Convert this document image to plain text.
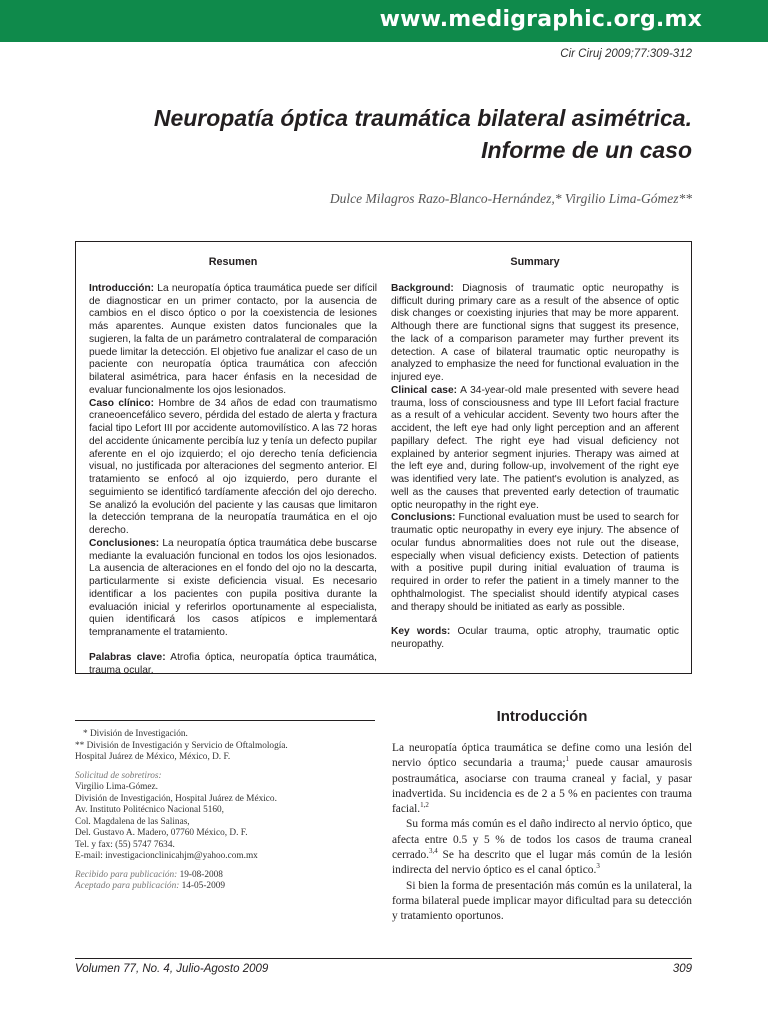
www.medigraphic.org.mx
Cir Ciruj 2009;77:309-312
Neuropatía óptica traumática bilateral asimétrica.
Informe de un caso
Dulce Milagros Razo-Blanco-Hernández,* Virgilio Lima-Gómez**
Resumen

Introducción: La neuropatía óptica traumática puede ser difícil de diagnosticar en un primer contacto, por la ausencia de cambios en el disco óptico o por la coexistencia de lesiones más aparentes. Aunque existen datos funcionales que la sugieren, la falta de un parámetro contralateral de comparación puede limitar la detección. El objetivo fue analizar el caso de un paciente con neuropatía óptica traumática con afección bilateral asimétrica, para hacer énfasis en la necesidad de evaluar funcionalmente los ojos lesionados.

Caso clínico: Hombre de 34 años de edad con traumatismo craneoencefálico severo, pérdida del estado de alerta y fractura facial tipo Lefort III por accidente automovilístico. A las 72 horas del accidente únicamente percibía luz y tenía un defecto pupilar aferente en el ojo izquierdo; el ojo derecho tenía deficiencia visual, no justificada por alteraciones del segmento anterior. El tratamiento se enfocó al ojo izquierdo, pero durante el seguimiento se identificó tardíamente afección del ojo derecho. Se analizó la evolución del paciente y las causas que limitaron la detección temprana de la neuropatía traumática en el ojo derecho.

Conclusiones: La neuropatía óptica traumática debe buscarse mediante la evaluación funcional en todos los ojos lesionados. La ausencia de alteraciones en el fondo del ojo no la descarta, particularmente si existe deficiencia visual. Es necesario identificar a los pacientes con pupila positiva durante la evaluación inicial y referirlos oportunamente al especialista, quien identificará los casos atípicos e implementará tempranamente el tratamiento.

Palabras clave: Atrofia óptica, neuropatía óptica traumática, trauma ocular.

Summary

Background: Diagnosis of traumatic optic neuropathy is difficult during primary care as a result of the absence of optic disk changes or coexisting injuries that may be more apparent. Although there are functional signs that suggest its presence, the lack of a comparison parameter may further prevent its detection. A case of bilateral traumatic optic neuropathy is analyzed to emphasize the need for functional evaluation in the injured eye.

Clinical case: A 34-year-old male presented with severe head trauma, loss of consciousness and type III Lefort facial fracture as a result of a vehicular accident. Seventy two hours after the accident, the left eye had only light perception and an afferent papillary defect. The right eye had visual deficiency not explained by anterior segment injuries. Therapy was aimed at the left eye and, during follow-up, involvement of the right eye was identified very late. The patient's evolution is analyzed, as well as the causes that prevented early detection of traumatic optic neuropathy in the right eye.

Conclusions: Functional evaluation must be used to search for traumatic optic neuropathy in every eye injury. The absence of ocular fundus abnormalities does not rule out the disease, especially when visual deficiency exists. Detection of patients with a positive pupil during initial evaluation of trauma is required in order to refer the patient in a timely manner to the ophthalmologist. The specialist should identify atypical cases and therapy should be initiated as early as possible.

Key words: Ocular trauma, optic atrophy, traumatic optic neuropathy.

* División de Investigación.

** División de Investigación y Servicio de Oftalmología.

Hospital Juárez de México, México, D. F.

Solicitud de sobretiros:

Virgilio Lima-Gómez.

División de Investigación, Hospital Juárez de México.

Av. Instituto Politécnico Nacional 5160,

Col. Magdalena de las Salinas,

Del. Gustavo A. Madero, 07760 México, D. F.

Tel. y fax: (55) 5747 7634.

E-mail: investigacionclinicahjm@yahoo.com.mx

Recibido para publicación: 19-08-2008

Aceptado para publicación: 14-05-2009

Introducción

La neuropatía óptica traumática se define como una lesión del nervio óptico secundaria a trauma;$^1$ puede causar amaurosis postraumática, asociarse con trauma craneal y facial, y pasar inadvertida. Su incidencia es de 2 a 5 % en pacientes con trauma facial.$^{1,2}$

Su forma más común es el daño indirecto al nervio óptico, que afecta entre 0.5 y 5 % de todos los casos de trauma craneal cerrado.$^{3,4}$ Se ha descrito que el lugar más común de la lesión indirecta del nervio óptico es el canal óptico.$^3$

Si bien la forma de presentación más común es la unilateral, la forma bilateral puede implicar mayor dificultad para su detección y tratamiento oportunos.

Volumen 77, No. 4, Julio-Agosto 2009	309
